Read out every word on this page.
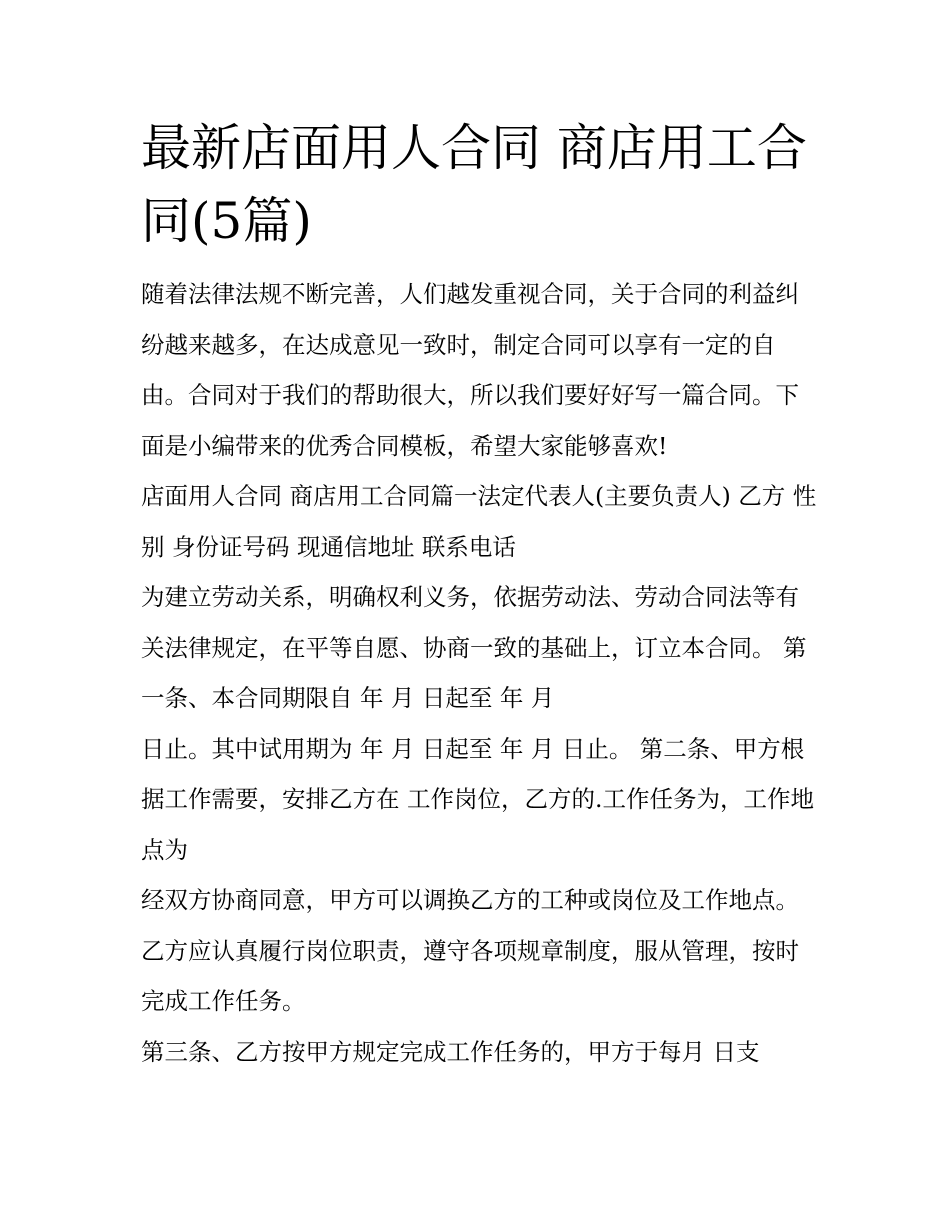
最新店面用人合同 商店用工合同(5篇)

随着法律法规不断完善，人们越发重视合同，关于合同的利益纠纷越来越多，在达成意见一致时，制定合同可以享有一定的自由。合同对于我们的帮助很大，所以我们要好好写一篇合同。下面是小编带来的优秀合同模板，希望大家能够喜欢!

店面用人合同 商店用工合同篇一法定代表人(主要负责人) 乙方 性别 身份证号码 现通信地址 联系电话

为建立劳动关系，明确权利义务，依据劳动法、劳动合同法等有关法律规定，在平等自愿、协商一致的基础上，订立本合同。 第一条、本合同期限自 年 月 日起至 年 月

日止。其中试用期为 年 月 日起至 年 月 日止。 第二条、甲方根据工作需要，安排乙方在 工作岗位，乙方的.工作任务为，工作地点为

经双方协商同意，甲方可以调换乙方的工种或岗位及工作地点。 乙方应认真履行岗位职责，遵守各项规章制度，服从管理，按时完成工作任务。

第三条、乙方按甲方规定完成工作任务的，甲方于每月 日支
